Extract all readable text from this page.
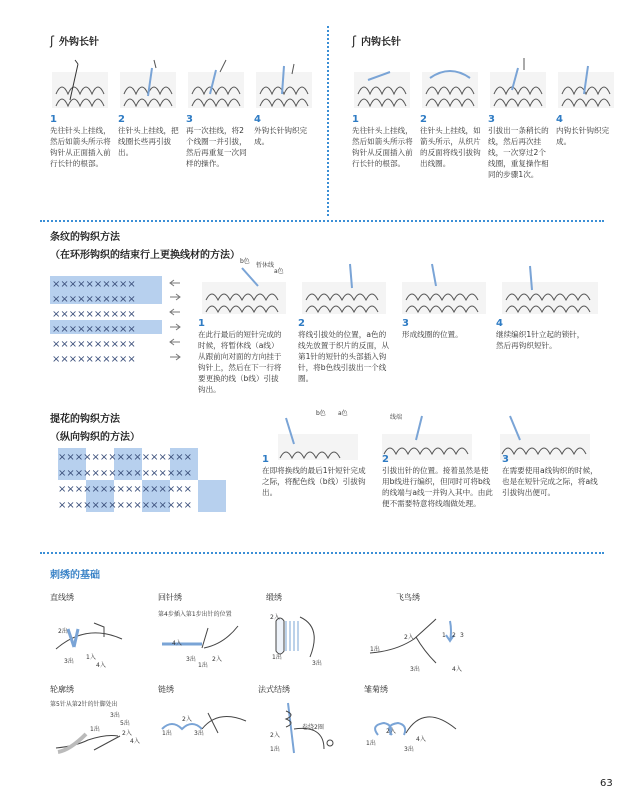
ʃ 外钩长针	ʃ 内钩长针
1
先往针头上挂线，然后如箭头所示将钩针从正面插入前行长针的根部。
2
往针头上挂线，把线圈长些再引拔出。
3
再一次挂线，将2个线圈一并引拔，然后再重复一次同样的操作。
4
外钩长针钩织完成。
1
先往针头上挂线，然后如箭头所示将钩针从反面插入前行长针的根部。
2
往针头上挂线，如箭头所示，从织片的反面将线引拔钩出线圈。
3
引拔出一条稍长的线，然后再次挂线，一次穿过2个线圈，重复操作相同的步骤1次。
4
内钩长针钩织完成。
条纹的钩织方法
（在环形钩织的结束行上更换线材的方法）
××××××××××
××××××××××
××××××××××
××××××××××
××××××××××
××××××××××
b色
暂休线
a色
1
在此行最后的短针完成的时候，将暂休线（a线）从跟前向对面的方向挂于钩针上，然后在下一行将要更换的线（b线）引拔钩出。
2
将线引拔处的位置，a色的线先放置于织片的反面，从第1针的短针的头部插入钩针，将b色线引拔出一个线圈。
3
形成线圈的位置。
4
继续编织1针立起的锁针，然后再钩织短针。
提花的钩织方法
（纵向钩织的方法）
××××××××××××××××
××××××××××××××××
××××××××××××××××
××××××××××××××××
b色 a色
线端
1
在即将换线的最后1针短针完成之际，将配色线（b线）引拔钩出。
2
引拔出针的位置。接着虽然是使用b线进行编织，但同时可将b线的线端与a线一并钩入其中。由此便不需要特意将线端做处理。
3
在需要使用a线钩织的时候，也是在短针完成之际，将a线引拔钩出便可。
刺绣的基础
直线绣
2出
3出
1入
4入
回针绣
第4步插入第1步出针的位置
4入
3出
1出
2入
缎绣
2入
1出
3出
飞鸟绣
2入
1出
3出	4入
1 3
2
轮廓绣
第5针从第2针的针脚处出
3出
5出
1出
2入
4入
链绣
1出
2入
3出
法式结绣
2入
1出
卷绕2圈
雏菊绣
1出
2入
3出
4入
63
